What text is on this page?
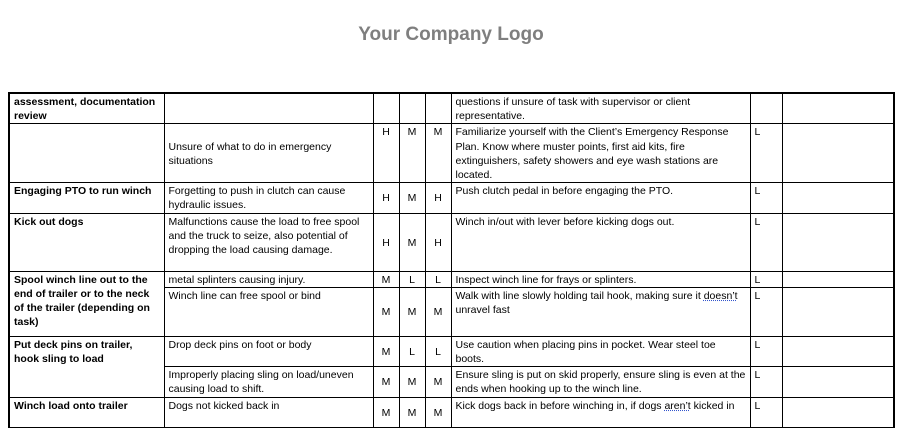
Your Company Logo
assessment, documentation review					questions if unsure of task with supervisor or client representative.		
	Unsure of what to do in emergency situations	H	M	M	Familiarize yourself with the Client’s Emergency Response Plan. Know where muster points, first aid kits, fire extinguishers, safety showers and eye wash stations are located.	L	
Engaging PTO to run winch	Forgetting to push in clutch can cause hydraulic issues.	H	M	H	Push clutch pedal in before engaging the PTO.	L	
Kick out dogs	Malfunctions cause the load to free spool and the truck to seize, also potential of dropping the load causing damage.	H	M	H	Winch in/out with lever before kicking dogs out.	L	
Spool winch line out to the end of trailer or to the neck of the trailer (depending on task)	metal splinters causing injury.	M	L	L	Inspect winch line for frays or splinters.	L	
	Winch line can free spool or bind	M	M	M	Walk with line slowly holding tail hook, making sure it doesn’t unravel fast	L	
Put deck pins on trailer, hook sling to load	Drop deck pins on foot or body	M	L	L	Use caution when placing pins in pocket. Wear steel toe boots.	L	
	Improperly placing sling on load/uneven causing load to shift.	M	M	M	Ensure sling is put on skid properly, ensure sling is even at the ends when hooking up to the winch line.	L	
Winch load onto trailer	Dogs not kicked back in	M	M	M	Kick dogs back in before winching in, if dogs aren’t kicked in	L	
